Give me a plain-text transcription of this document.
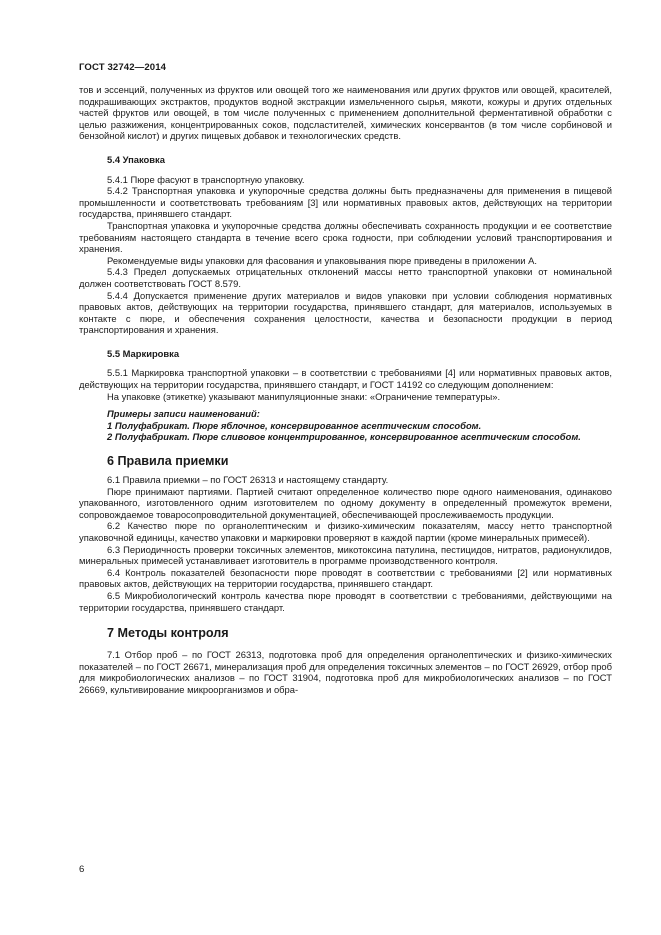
ГОСТ 32742—2014

тов и эссенций, полученных из фруктов или овощей того же наименования или других фруктов или овощей, красителей, подкрашивающих экстрактов, продуктов водной экстракции измельченного сырья, мякоти, кожуры и других отдельных частей фруктов или овощей, в том числе полученных с применением дополнительной ферментативной обработки с целью разжижения, концентрированных соков, подсластителей, химических консервантов (в том числе сорбиновой и бензойной кислот) и других пищевых добавок и технологических средств.

5.4 Упаковка

5.4.1 Пюре фасуют в транспортную упаковку.

5.4.2 Транспортная упаковка и укупорочные средства должны быть предназначены для применения в пищевой промышленности и соответствовать требованиям [3] или нормативных правовых актов, действующих на территории государства, принявшего стандарт.

Транспортная упаковка и укупорочные средства должны обеспечивать сохранность продукции и ее соответствие требованиям настоящего стандарта в течение всего срока годности, при соблюдении условий транспортирования и хранения.

Рекомендуемые виды упаковки для фасования и упаковывания пюре приведены в приложении А.

5.4.3 Предел допускаемых отрицательных отклонений массы нетто транспортной упаковки от номинальной должен соответствовать ГОСТ 8.579.

5.4.4 Допускается применение других материалов и видов упаковки при условии соблюдения нормативных правовых актов, действующих на территории государства, принявшего стандарт, для материалов, используемых в контакте с пюре, и обеспечения сохранения целостности, качества и безопасности продукции в период транспортирования и хранения.

5.5 Маркировка

5.5.1 Маркировка транспортной упаковки – в соответствии с требованиями [4] или нормативных правовых актов, действующих на территории государства, принявшего стандарт, и ГОСТ 14192 со следующим дополнением:

На упаковке (этикетке) указывают манипуляционные знаки: «Ограничение температуры».

Примеры записи наименований:

1 Полуфабрикат. Пюре яблочное, консервированное асептическим способом.

2 Полуфабрикат. Пюре сливовое концентрированное, консервированное асептическим способом.

6 Правила приемки

6.1 Правила приемки – по ГОСТ 26313 и настоящему стандарту.

Пюре принимают партиями. Партией считают определенное количество пюре одного наименования, одинаково упакованного, изготовленного одним изготовителем по одному документу в определенный промежуток времени, сопровождаемое товаросопроводительной документацией, обеспечивающей прослеживаемость продукции.

6.2 Качество пюре по органолептическим и физико-химическим показателям, массу нетто транспортной упаковочной единицы, качество упаковки и маркировки проверяют в каждой партии (кроме минеральных примесей).

6.3 Периодичность проверки токсичных элементов, микотоксина патулина, пестицидов, нитратов, радионуклидов, минеральных примесей устанавливает изготовитель в программе производственного контроля.

6.4 Контроль показателей безопасности пюре проводят в соответствии с требованиями [2] или нормативных правовых актов, действующих на территории государства, принявшего стандарт.

6.5 Микробиологический контроль качества пюре проводят в соответствии с требованиями, действующими на территории государства, принявшего стандарт.

7 Методы контроля

7.1 Отбор проб – по ГОСТ 26313, подготовка проб для определения органолептических и физико-химических показателей – по ГОСТ 26671, минерализация проб для определения токсичных элементов – по ГОСТ 26929, отбор проб для микробиологических анализов – по ГОСТ 31904, подготовка проб для микробиологических анализов – по ГОСТ 26669, культивирование микроорганизмов и обра-

6
